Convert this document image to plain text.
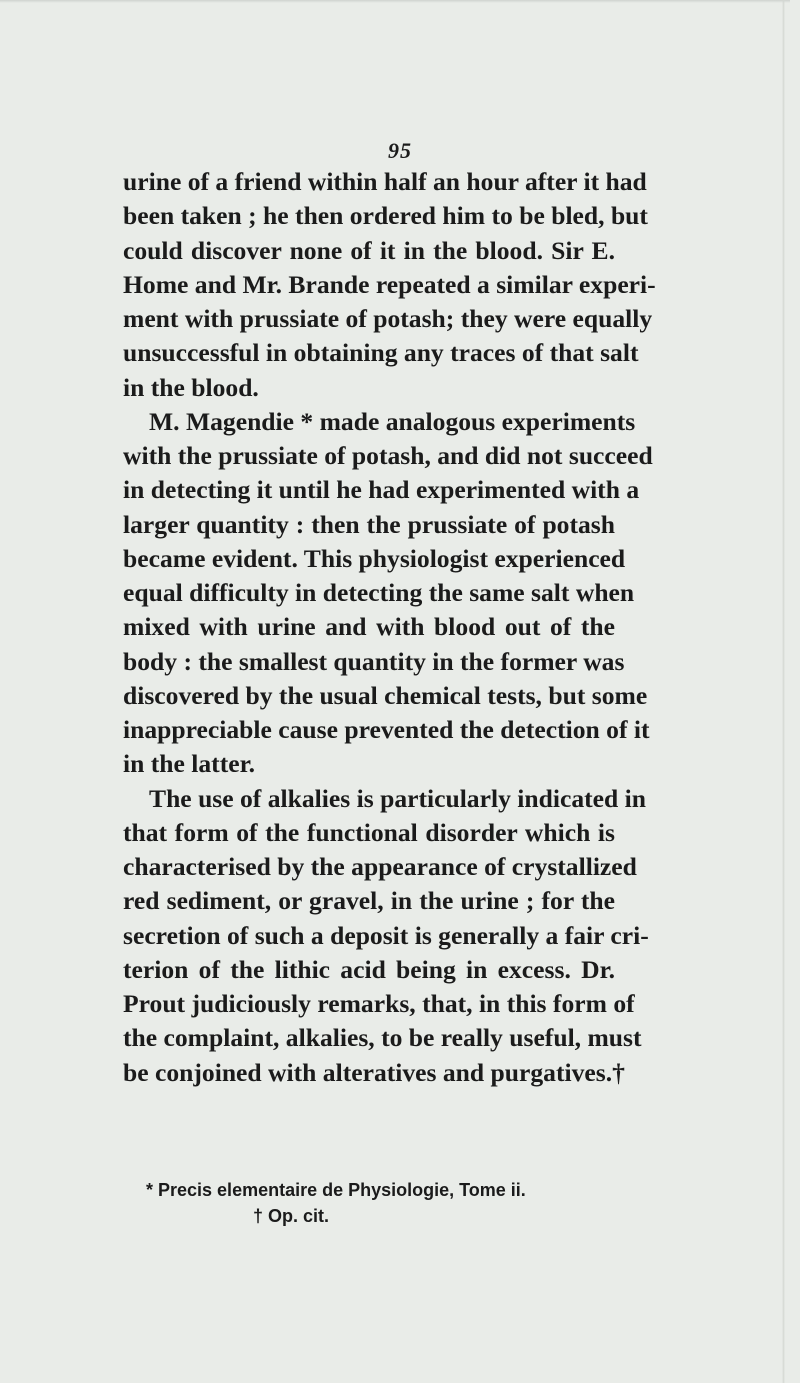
95
urine of a friend within half an hour after it had
been taken ; he then ordered him to be bled, but
could discover none of it in the blood. Sir E.
Home and Mr. Brande repeated a similar experi-
ment with prussiate of potash; they were equally
unsuccessful in obtaining any traces of that salt
in the blood.
M. Magendie * made analogous experiments
with the prussiate of potash, and did not succeed
in detecting it until he had experimented with a
larger quantity : then the prussiate of potash
became evident. This physiologist experienced
equal difficulty in detecting the same salt when
mixed with urine and with blood out of the
body : the smallest quantity in the former was
discovered by the usual chemical tests, but some
inappreciable cause prevented the detection of it
in the latter.
The use of alkalies is particularly indicated in
that form of the functional disorder which is
characterised by the appearance of crystallized
red sediment, or gravel, in the urine ; for the
secretion of such a deposit is generally a fair cri-
terion of the lithic acid being in excess. Dr.
Prout judiciously remarks, that, in this form of
the complaint, alkalies, to be really useful, must
be conjoined with alteratives and purgatives.†
* Precis elementaire de Physiologie, Tome ii.
† Op. cit.
